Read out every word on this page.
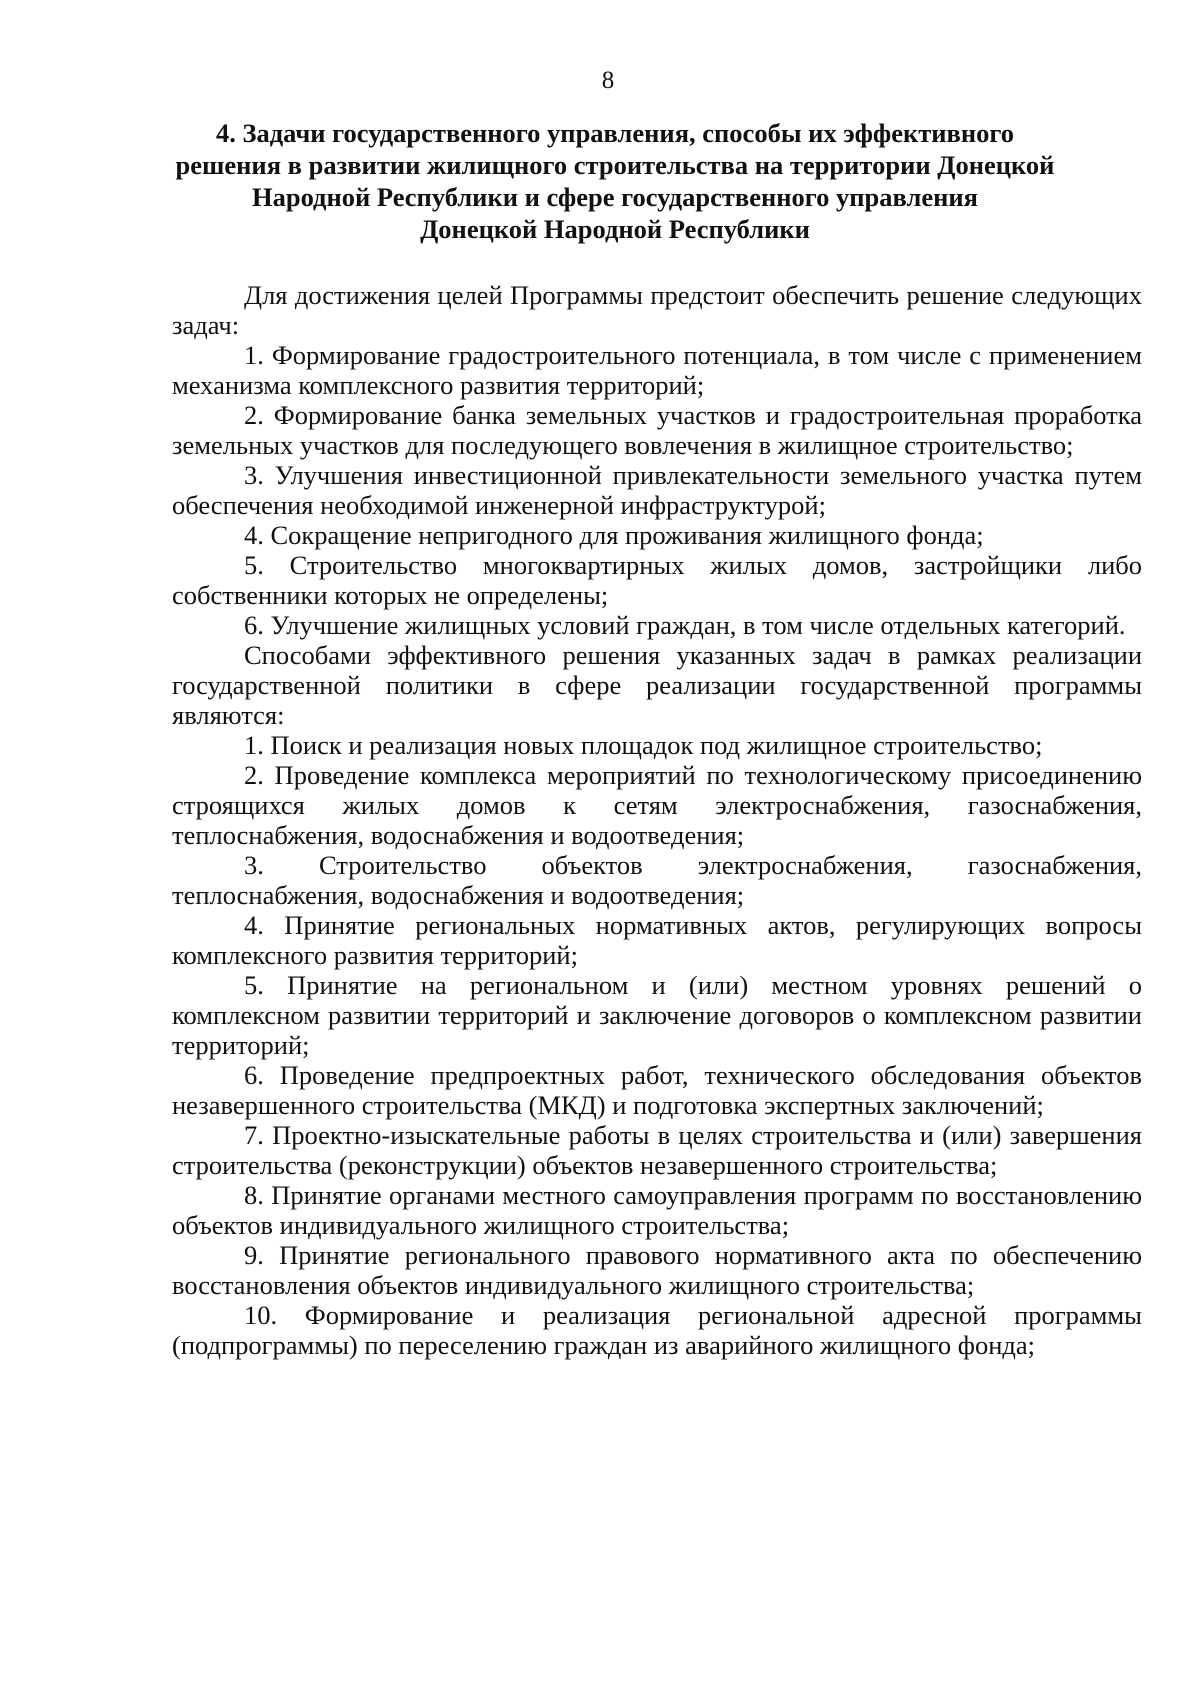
8
4. Задачи государственного управления, способы их эффективного
решения в развитии жилищного строительства на территории Донецкой
Народной Республики и сфере государственного управления
Донецкой Народной Республики

Для достижения целей Программы предстоит обеспечить решение следующих задач:

1. Формирование градостроительного потенциала, в том числе с применением механизма комплексного развития территорий;

2. Формирование банка земельных участков и градостроительная проработка земельных участков для последующего вовлечения в жилищное строительство;

3. Улучшения инвестиционной привлекательности земельного участка путем обеспечения необходимой инженерной инфраструктурой;

4. Сокращение непригодного для проживания жилищного фонда;

5. Строительство многоквартирных жилых домов, застройщики либо собственники которых не определены;

6. Улучшение жилищных условий граждан, в том числе отдельных категорий.

Способами эффективного решения указанных задач в рамках реализации государственной политики в сфере реализации государственной программы являются:

1. Поиск и реализация новых площадок под жилищное строительство;

2. Проведение комплекса мероприятий по технологическому присоединению строящихся жилых домов к сетям электроснабжения, газоснабжения, теплоснабжения, водоснабжения и водоотведения;

3. Строительство объектов электроснабжения, газоснабжения, теплоснабжения, водоснабжения и водоотведения;

4. Принятие региональных нормативных актов, регулирующих вопросы комплексного развития территорий;

5. Принятие на региональном и (или) местном уровнях решений о комплексном развитии территорий и заключение договоров о комплексном развитии территорий;

6. Проведение предпроектных работ, технического обследования объектов незавершенного строительства (МКД) и подготовка экспертных заключений;

7. Проектно-изыскательные работы в целях строительства и (или) завершения строительства (реконструкции) объектов незавершенного строительства;

8. Принятие органами местного самоуправления программ по восстановлению объектов индивидуального жилищного строительства;

9. Принятие регионального правового нормативного акта по обеспечению восстановления объектов индивидуального жилищного строительства;

10. Формирование и реализация региональной адресной программы (подпрограммы) по переселению граждан из аварийного жилищного фонда;
